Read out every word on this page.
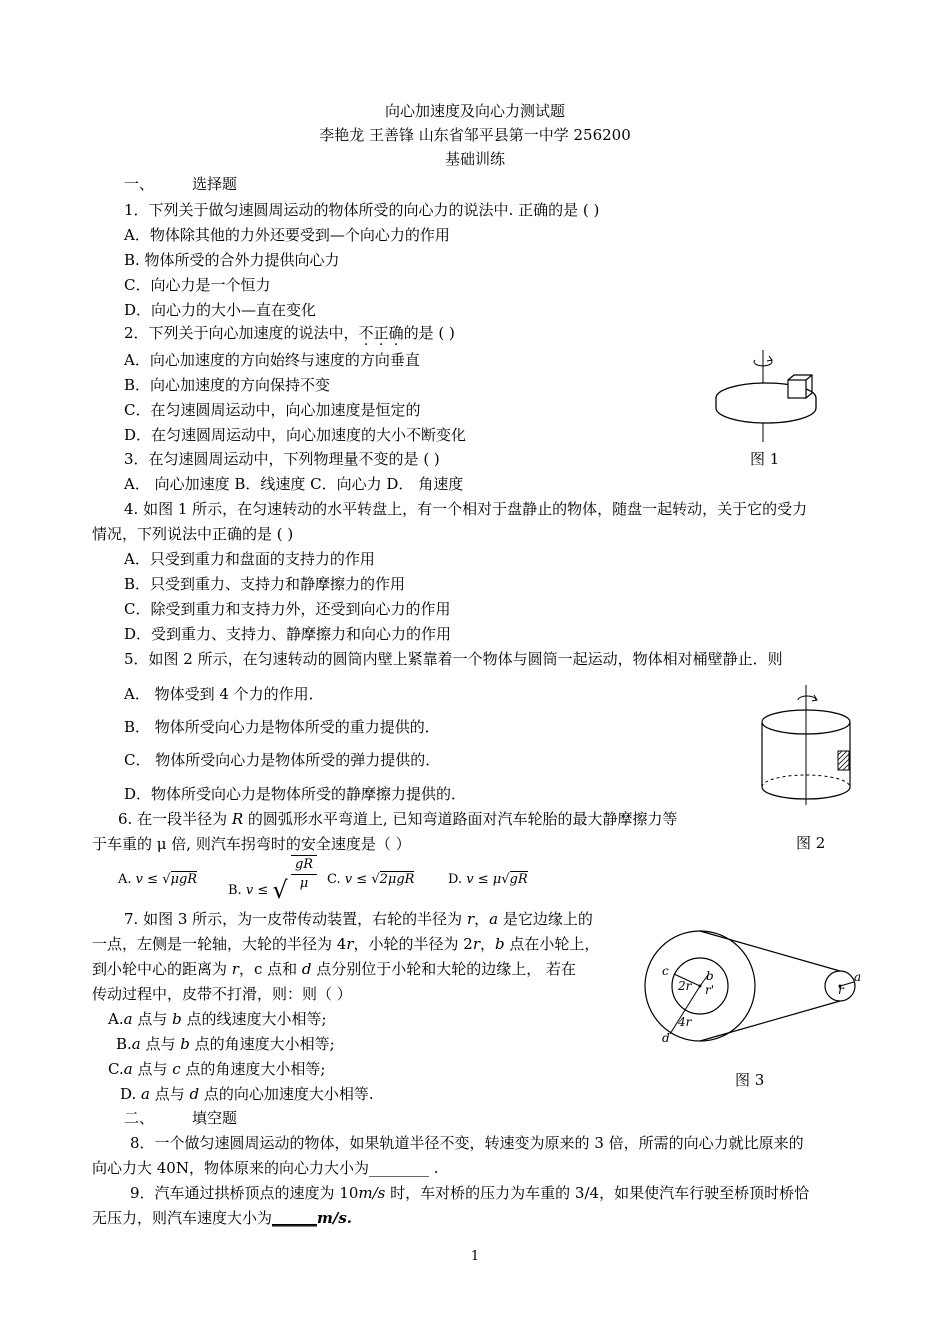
向心加速度及向心力测试题
李艳龙 王善锋 山东省邹平县第一中学 256200
基础训练
一、	选择题
1．下列关于做匀速圆周运动的物体所受的向心力的说法中. 正确的是 ( )
A．物体除其他的力外还要受到—个向心力的作用
B. 物体所受的合外力提供向心力
C．向心力是一个恒力
D．向心力的大小—直在变化
2．下列关于向心加速度的说法中，不正确的是 ( )
A．向心加速度的方向始终与速度的方向垂直
B．向心加速度的方向保持不变
C．在匀速圆周运动中，向心加速度是恒定的
D．在匀速圆周运动中，向心加速度的大小不断变化
图 1
3．在匀速圆周运动中，下列物理量不变的是 ( )
A． 向心加速度 B．线速度 C．向心力 D． 角速度
4. 如图 1 所示，在匀速转动的水平转盘上，有一个相对于盘静止的物体，随盘一起转动，关于它的受力
情况，下列说法中正确的是 ( )
A．只受到重力和盘面的支持力的作用
B．只受到重力、支持力和静摩擦力的作用
C．除受到重力和支持力外，还受到向心力的作用
D．受到重力、支持力、静摩擦力和向心力的作用
5．如图 2 所示，在匀速转动的圆筒内壁上紧靠着一个物体与圆筒一起运动，物体相对桶壁静止．则
A． 物体受到 4 个力的作用．
B． 物体所受向心力是物体所受的重力提供的．
C． 物体所受向心力是物体所受的弹力提供的．
D．物体所受向心力是物体所受的静摩擦力提供的．
图 2
6. 在一段半径为 R 的圆弧形水平弯道上, 已知弯道路面对汽车轮胎的最大静摩擦力等
于车重的 μ 倍, 则汽车拐弯时的安全速度是（ ）
A. v ≤ √μgR
B. v ≤ √
gR
μ	C. v ≤ √2μgR	D. v ≤ μ√gR
7. 如图 3 所示，为一皮带传动装置，右轮的半径为 r，a 是它边缘上的
一点，左侧是一轮轴，大轮的半径为 4r，小轮的半径为 2r，b 点在小轮上，
到小轮中心的距离为 r，c 点和 d 点分别位于小轮和大轮的边缘上， 若在
传动过程中，皮带不打滑，则：则（ ）
A.a 点与 b 点的线速度大小相等;
B.a 点与 b 点的角速度大小相等;
C.a 点与 c 点的角速度大小相等;
D. a 点与 d 点的向心加速度大小相等.
c	b
2r r'
a
r
4r
d
图 3
二、	填空题
8．一个做匀速圆周运动的物体，如果轨道半径不变，转速变为原来的 3 倍，所需的向心力就比原来的
向心力大 40N，物体原来的向心力大小为________ .
9．汽车通过拱桥顶点的速度为 10m/s 时，车对桥的压力为车重的 3/4，如果使汽车行驶至桥顶时桥恰
无压力，则汽车速度大小为______m/s.
1
